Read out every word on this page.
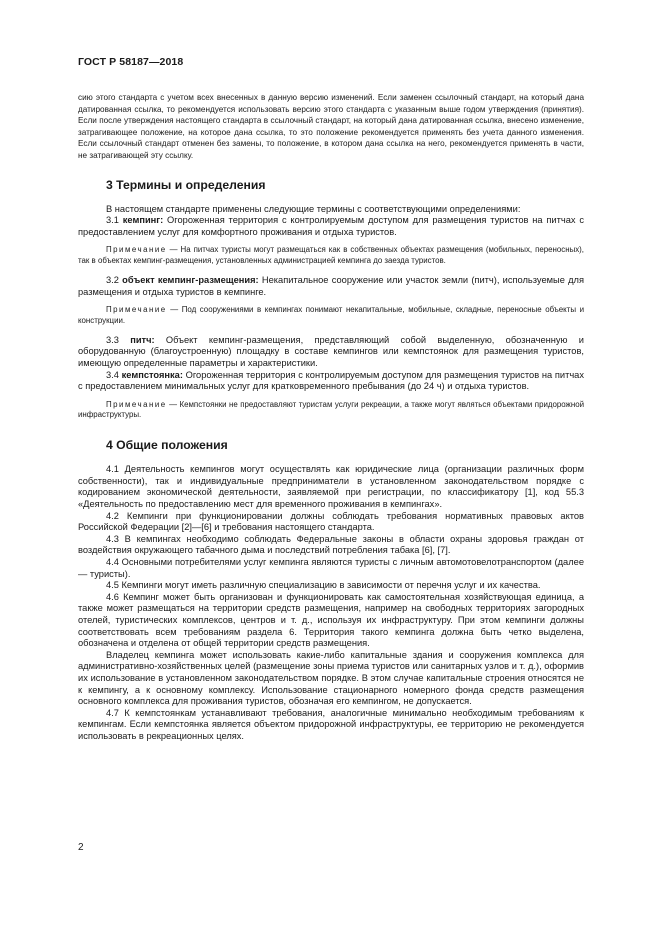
ГОСТ Р 58187—2018

сию этого стандарта с учетом всех внесенных в данную версию изменений. Если заменен ссылочный стандарт, на который дана датированная ссылка, то рекомендуется использовать версию этого стандарта с указанным выше годом утверждения (принятия). Если после утверждения настоящего стандарта в ссылочный стандарт, на который дана датированная ссылка, внесено изменение, затрагивающее положение, на которое дана ссылка, то это положение рекомендуется применять без учета данного изменения. Если ссылочный стандарт отменен без замены, то положение, в котором дана ссылка на него, рекомендуется применять в части, не затрагивающей эту ссылку.

3 Термины и определения

В настоящем стандарте применены следующие термины с соответствующими определениями:

3.1 кемпинг: Огороженная территория с контролируемым доступом для размещения туристов на питчах с предоставлением услуг для комфортного проживания и отдыха туристов.

Примечание — На питчах туристы могут размещаться как в собственных объектах размещения (мобильных, переносных), так в объектах кемпинг-размещения, установленных администрацией кемпинга до заезда туристов.

3.2 объект кемпинг-размещения: Некапитальное сооружение или участок земли (питч), используемые для размещения и отдыха туристов в кемпинге.

Примечание — Под сооружениями в кемпингах понимают некапитальные, мобильные, складные, переносные объекты и конструкции.

3.3 питч: Объект кемпинг-размещения, представляющий собой выделенную, обозначенную и оборудованную (благоустроенную) площадку в составе кемпингов или кемпстоянок для размещения туристов, имеющую определенные параметры и характеристики.

3.4 кемпстоянка: Огороженная территория с контролируемым доступом для размещения туристов на питчах с предоставлением минимальных услуг для кратковременного пребывания (до 24 ч) и отдыха туристов.

Примечание — Кемпстоянки не предоставляют туристам услуги рекреации, а также могут являться объектами придорожной инфраструктуры.

4 Общие положения

4.1 Деятельность кемпингов могут осуществлять как юридические лица (организации различных форм собственности), так и индивидуальные предприниматели в установленном законодательством порядке с кодированием экономической деятельности, заявляемой при регистрации, по классификатору [1], код 55.3 «Деятельность по предоставлению мест для временного проживания в кемпингах».

4.2 Кемпинги при функционировании должны соблюдать требования нормативных правовых актов Российской Федерации [2]—[6] и требования настоящего стандарта.

4.3 В кемпингах необходимо соблюдать Федеральные законы в области охраны здоровья граждан от воздействия окружающего табачного дыма и последствий потребления табака [6], [7].

4.4 Основными потребителями услуг кемпинга являются туристы с личным автомотовелотранспортом (далее — туристы).

4.5 Кемпинги могут иметь различную специализацию в зависимости от перечня услуг и их качества.

4.6 Кемпинг может быть организован и функционировать как самостоятельная хозяйствующая единица, а также может размещаться на территории средств размещения, например на свободных территориях загородных отелей, туристических комплексов, центров и т. д., используя их инфраструктуру. При этом кемпинги должны соответствовать всем требованиям раздела 6. Территория такого кемпинга должна быть четко выделена, обозначена и отделена от общей территории средств размещения.

Владелец кемпинга может использовать какие-либо капитальные здания и сооружения комплекса для административно-хозяйственных целей (размещение зоны приема туристов или санитарных узлов и т. д.), оформив их использование в установленном законодательством порядке. В этом случае капитальные строения относятся не к кемпингу, а к основному комплексу. Использование стационарного номерного фонда средств размещения основного комплекса для проживания туристов, обозначая его кемпингом, не допускается.

4.7 К кемпстоянкам устанавливают требования, аналогичные минимально необходимым требованиям к кемпингам. Если кемпстоянка является объектом придорожной инфраструктуры, ее территорию не рекомендуется использовать в рекреационных целях.

2
